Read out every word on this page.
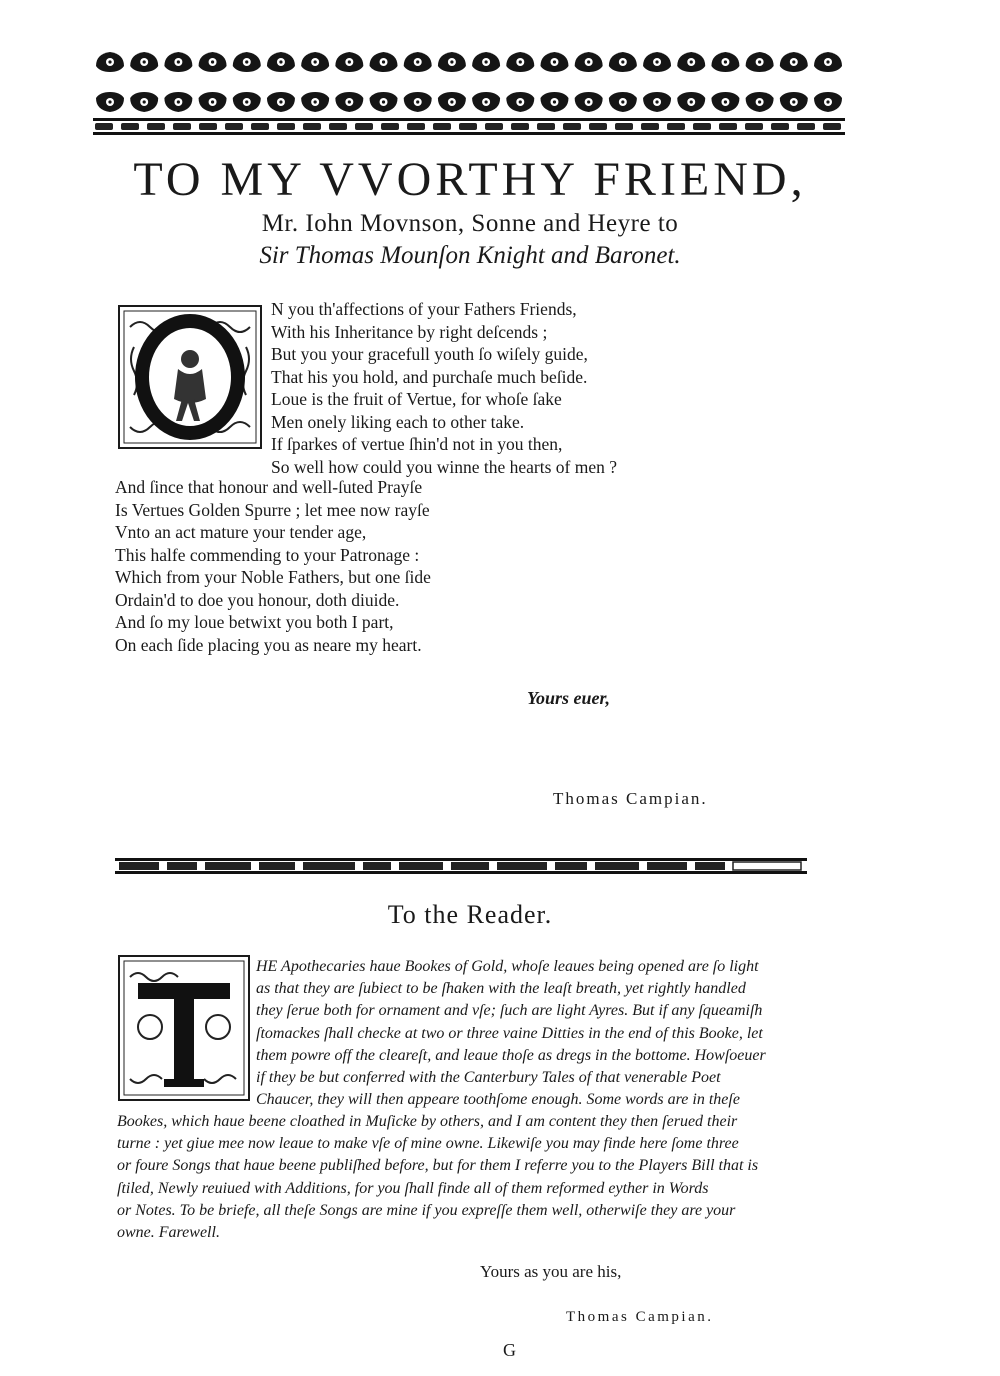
TO MY VVORTHY FRIEND,
Mr. Iohn Movnson, Sonne and Heyre to
Sir Thomas Mounſon Knight and Baronet.
N you th'affections of your Fathers Friends,
With his Inheritance by right deſcends ;
But you your gracefull youth ſo wiſely guide,
That his you hold, and purchaſe much beſide.
Loue is the fruit of Vertue, for whoſe ſake
Men onely liking each to other take.
If ſparkes of vertue ſhin'd not in you then,
So well how could you winne the hearts of men ?
And ſince that honour and well-ſuted Prayſe
Is Vertues Golden Spurre ; let mee now rayſe
Vnto an act mature your tender age,
This halfe commending to your Patronage :
Which from your Noble Fathers, but one ſide
Ordain'd to doe you honour, doth diuide.
And ſo my loue betwixt you both I part,
On each ſide placing you as neare my heart.
Yours euer,
Thomas Campian.
To the Reader.
HE Apothecaries haue Bookes of Gold, whoſe leaues being opened are ſo light
as that they are ſubiect to be ſhaken with the leaſt breath, yet rightly handled
they ſerue both for ornament and vſe; ſuch are light Ayres. But if any ſqueamiſh
ſtomackes ſhall checke at two or three vaine Ditties in the end of this Booke, let
them powre off the cleareſt, and leaue thoſe as dregs in the bottome. Howſoeuer
if they be but conferred with the Canterbury Tales of that venerable Poet
Chaucer, they will then appeare toothſome enough. Some words are in theſe
Bookes, which haue beene cloathed in Muſicke by others, and I am content they then ſerued their
turne : yet giue mee now leaue to make vſe of mine owne. Likewiſe you may finde here ſome three
or foure Songs that haue beene publiſhed before, but for them I referre you to the Players Bill that is
ſtiled, Newly reuiued with Additions, for you ſhall finde all of them reformed eyther in Words
or Notes. To be briefe, all theſe Songs are mine if you expreſſe them well, otherwiſe they are your
owne. Farewell.
Yours as you are his,
Thomas Campian.
G
